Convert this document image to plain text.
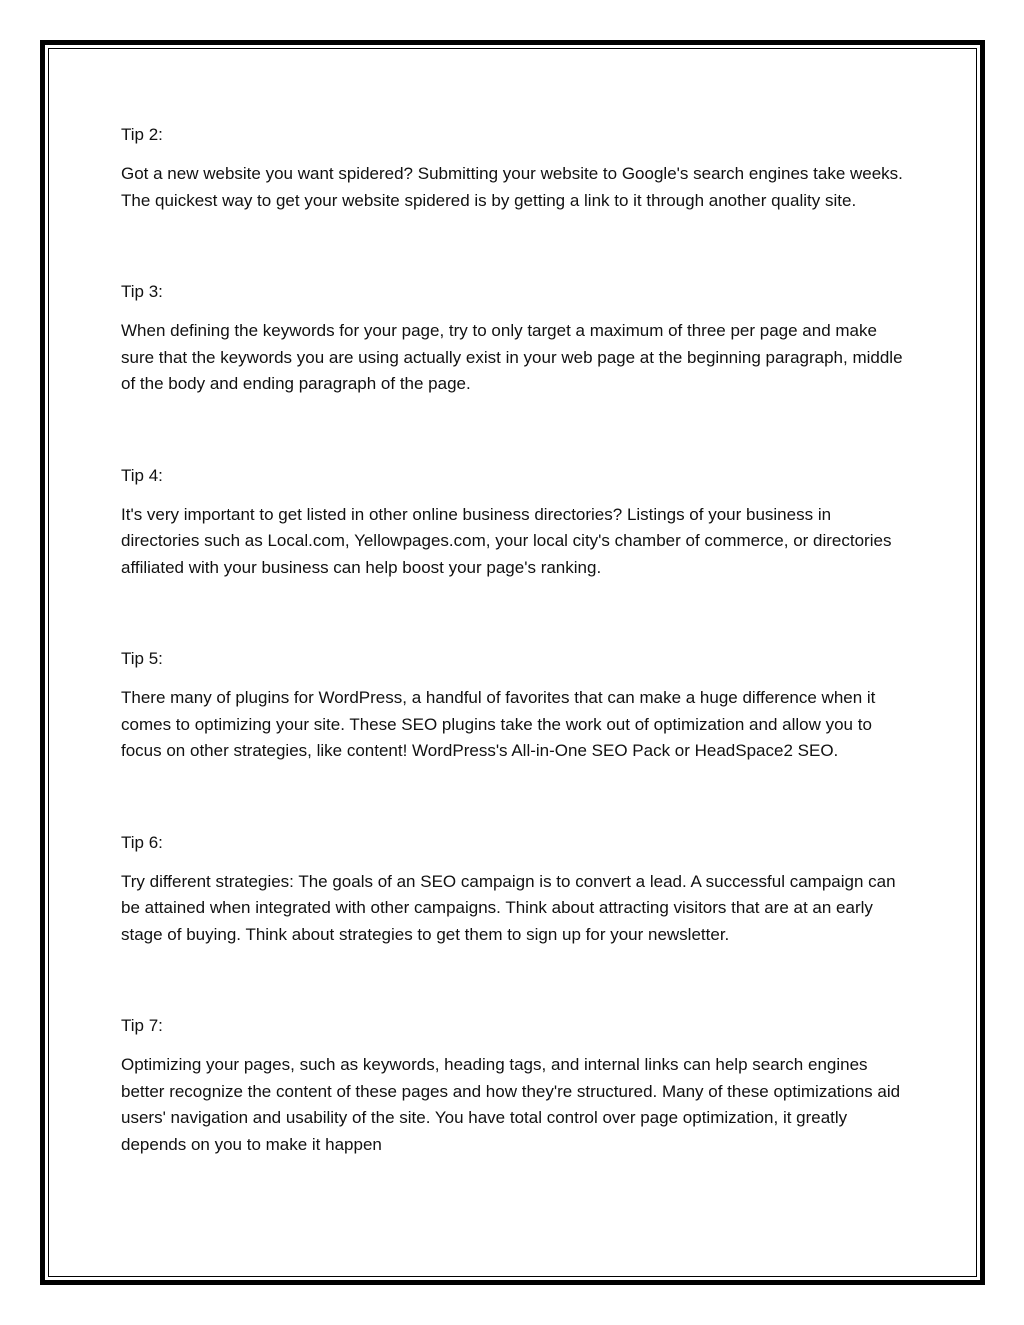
Tip 2:

Got a new website you want spidered? Submitting your website to Google's search engines take weeks. The quickest way to get your website spidered is by getting a link to it through another quality site.

Tip 3:

When defining the keywords for your page, try to only target a maximum of three per page and make sure that the keywords you are using actually exist in your web page at the beginning paragraph, middle of the body and ending paragraph of the page.

Tip 4:

It's very important to get listed in other online business directories? Listings of your business in directories such as Local.com, Yellowpages.com, your local city's chamber of commerce, or directories affiliated with your business can help boost your page's ranking.

Tip 5:

There many of plugins for WordPress, a handful of favorites that can make a huge difference when it comes to optimizing your site. These SEO plugins take the work out of optimization and allow you to focus on other strategies, like content! WordPress's All-in-One SEO Pack or HeadSpace2 SEO.

Tip 6:

Try different strategies: The goals of an SEO campaign is to convert a lead. A successful campaign can be attained when integrated with other campaigns. Think about attracting visitors that are at an early stage of buying. Think about strategies to get them to sign up for your newsletter.

Tip 7:

Optimizing your pages, such as keywords, heading tags, and internal links can help search engines better recognize the content of these pages and how they're structured. Many of these optimizations aid users' navigation and usability of the site. You have total control over page optimization, it greatly depends on you to make it happen
